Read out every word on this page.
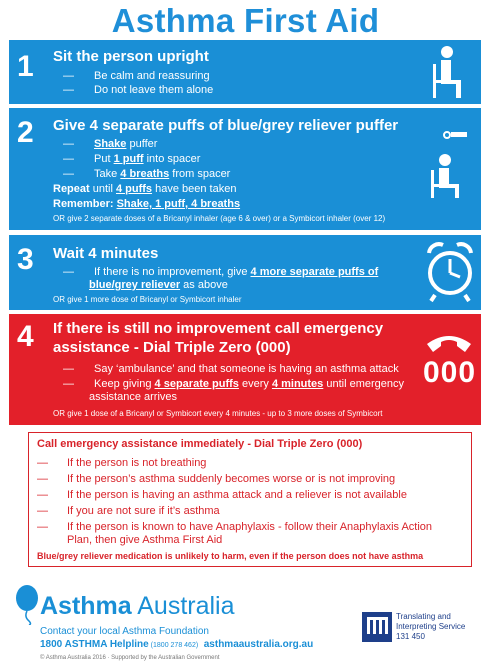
Asthma First Aid
1 Sit the person upright
— Be calm and reassuring
— Do not leave them alone
2 Give 4 separate puffs of blue/grey reliever puffer
— Shake puffer
— Put 1 puff into spacer
— Take 4 breaths from spacer
Repeat until 4 puffs have been taken
Remember: Shake, 1 puff, 4 breaths
OR give 2 separate doses of a Bricanyl inhaler (age 6 & over) or a Symbicort inhaler (over 12)
3 Wait 4 minutes
— If there is no improvement, give 4 more separate puffs of
blue/grey reliever as above
OR give 1 more dose of Bricanyl or Symbicort inhaler
4 If there is still no improvement call emergency
assistance - Dial Triple Zero (000)
— Say ‘ambulance’ and that someone is having an asthma attack
— Keep giving 4 separate puffs every 4 minutes until emergency
assistance arrives
OR give 1 dose of a Bricanyl or Symbicort every 4 minutes - up to 3 more doses of Symbicort
000
Call emergency assistance immediately - Dial Triple Zero (000)
— If the person is not breathing
— If the person’s asthma suddenly becomes worse or is not improving
— If the person is having an asthma attack and a reliever is not available
— If you are not sure if it’s asthma
— If the person is known to have Anaphylaxis - follow their Anaphylaxis Action
Plan, then give Asthma First Aid
Blue/grey reliever medication is unlikely to harm, even if the person does not have asthma
Asthma Australia
Contact your local Asthma Foundation
1800 ASTHMA Helpline (1800 278 462) asthmaaustralia.org.au
© Asthma Australia 2016 · Supported by the Australian Government
Translating and
Interpreting Service
131 450
